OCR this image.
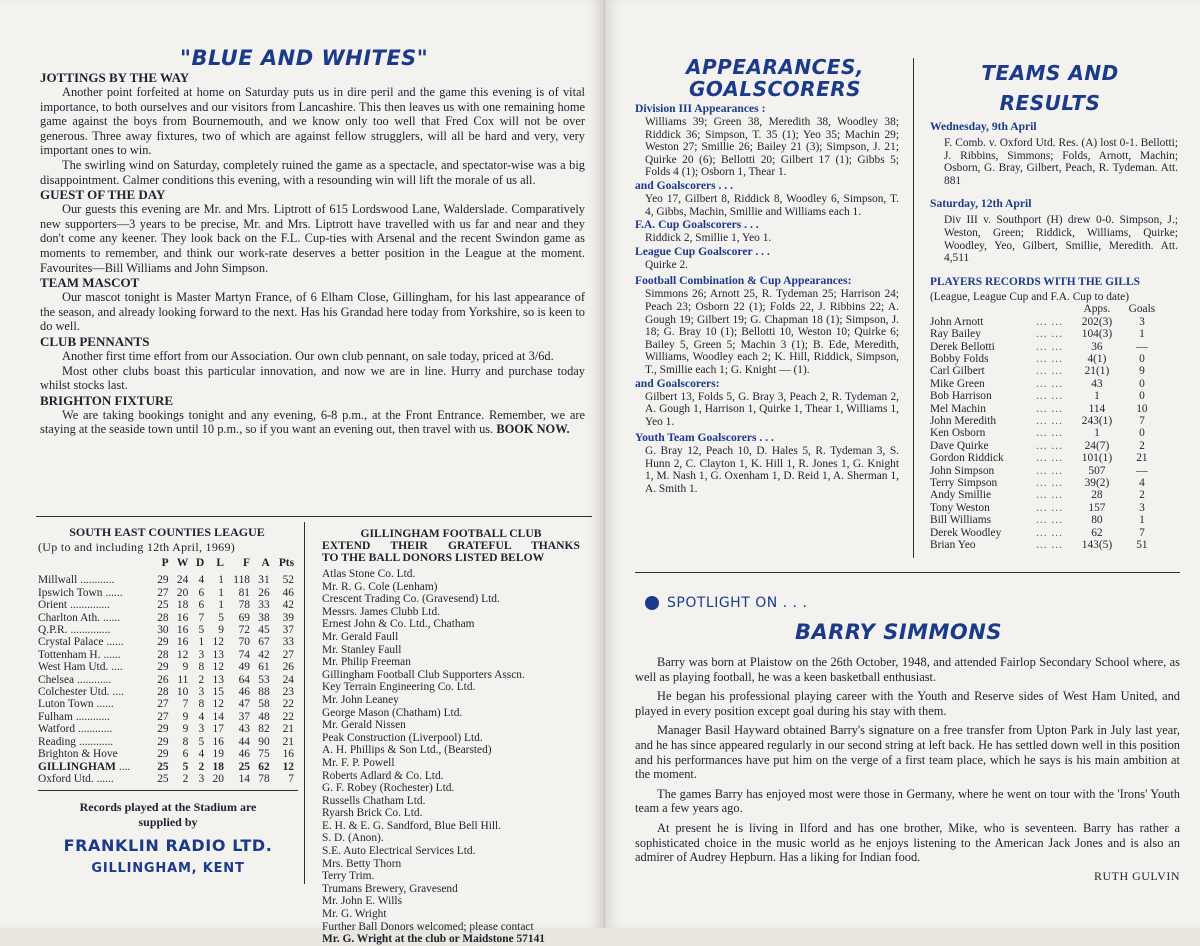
"BLUE AND WHITES"
JOTTINGS BY THE WAY

Another point forfeited at home on Saturday puts us in dire peril and the game this evening is of vital importance, to both ourselves and our visitors from Lancashire. This then leaves us with one remaining home game against the boys from Bournemouth, and we know only too well that Fred Cox will not be over generous. Three away fixtures, two of which are against fellow strugglers, will all be hard and very, very important ones to win.

The swirling wind on Saturday, completely ruined the game as a spectacle, and spectator-wise was a big disappointment. Calmer conditions this evening, with a resounding win will lift the morale of us all.

GUEST OF THE DAY

Our guests this evening are Mr. and Mrs. Liptrott of 615 Lordswood Lane, Walderslade. Comparatively new supporters—3 years to be precise, Mr. and Mrs. Liptrott have travelled with us far and near and they don't come any keener. They look back on the F.L. Cup-ties with Arsenal and the recent Swindon game as moments to remember, and think our work-rate deserves a better position in the League at the moment. Favourites—Bill Williams and John Simpson.

TEAM MASCOT

Our mascot tonight is Master Martyn France, of 6 Elham Close, Gillingham, for his last appearance of the season, and already looking forward to the next. Has his Grandad here today from Yorkshire, so is keen to do well.

CLUB PENNANTS

Another first time effort from our Association. Our own club pennant, on sale today, priced at 3/6d.

Most other clubs boast this particular innovation, and now we are in line. Hurry and purchase today whilst stocks last.

BRIGHTON FIXTURE

We are taking bookings tonight and any evening, 6-8 p.m., at the Front Entrance. Remember, we are staying at the seaside town until 10 p.m., so if you want an evening out, then travel with us. BOOK NOW.

SOUTH EAST COUNTIES LEAGUE
(Up to and including 12th April, 1969)
	P	W	D	L	F	A	Pts

Millwall ............	29	24	4	1	118	31	52
Ipswich Town ......	27	20	6	1	81	26	46
Orient ..............	25	18	6	1	78	33	42
Charlton Ath. ......	28	16	7	5	69	38	39
Q.P.R. ..............	30	16	5	9	72	45	37
Crystal Palace ......	29	16	1	12	70	67	33
Tottenham H. ......	28	12	3	13	74	42	27
West Ham Utd. ....	29	9	8	12	49	61	26
Chelsea ............	26	11	2	13	64	53	24
Colchester Utd. ....	28	10	3	15	46	88	23
Luton Town ......	27	7	8	12	47	58	22
Fulham ............	27	9	4	14	37	48	22
Watford ............	29	9	3	17	43	82	21
Reading ............	29	8	5	16	44	90	21
Brighton & Hove	29	6	4	19	46	75	16
GILLINGHAM ....	25	5	2	18	25	62	12
Oxford Utd. ......	25	2	3	20	14	78	7
Records played at the Stadium are
supplied by
FRANKLIN RADIO LTD.
GILLINGHAM, KENT
GILLINGHAM FOOTBALL CLUB
EXTEND THEIR GRATEFUL THANKS
TO THE BALL DONORS LISTED BELOW
Atlas Stone Co. Ltd.
Mr. R. G. Cole (Lenham)
Crescent Trading Co. (Gravesend) Ltd.
Messrs. James Clubb Ltd.
Ernest John & Co. Ltd., Chatham
Mr. Gerald Faull
Mr. Stanley Faull
Mr. Philip Freeman
Gillingham Football Club Supporters Asscn.
Key Terrain Engineering Co. Ltd.
Mr. John Leaney
George Mason (Chatham) Ltd.
Mr. Gerald Nissen
Peak Construction (Liverpool) Ltd.
A. H. Phillips & Son Ltd., (Bearsted)
Mr. F. P. Powell
Roberts Adlard & Co. Ltd.
G. F. Robey (Rochester) Ltd.
Russells Chatham Ltd.
Ryarsh Brick Co. Ltd.
E. H. & E. G. Sandford, Blue Bell Hill.
S. D. (Anon).
S.E. Auto Electrical Services Ltd.
Mrs. Betty Thorn
Terry Trim.
Trumans Brewery, Gravesend
Mr. John E. Wills
Mr. G. Wright
Further Ball Donors welcomed; please contact
Mr. G. Wright at the club or Maidstone 57141
APPEARANCES,
GOALSCORERS
Division III Appearances :
Williams 39; Green 38, Meredith 38, Woodley 38; Riddick 36; Simpson, T. 35 (1); Yeo 35; Machin 29; Weston 27; Smillie 26; Bailey 21 (3); Simpson, J. 21; Quirke 20 (6); Bellotti 20; Gilbert 17 (1); Gibbs 5; Folds 4 (1); Osborn 1, Thear 1.
and Goalscorers . . .
Yeo 17, Gilbert 8, Riddick 8, Woodley 6, Simpson, T. 4, Gibbs, Machin, Smillie and Williams each 1.
F.A. Cup Goalscorers . . .
Riddick 2, Smillie 1, Yeo 1.
League Cup Goalscorer . . .
Quirke 2.
Football Combination & Cup Appearances:
Simmons 26; Arnott 25, R. Tydeman 25; Harrison 24; Peach 23; Osborn 22 (1); Folds 22, J. Ribbins 22; A. Gough 19; Gilbert 19; G. Chapman 18 (1); Simpson, J. 18; G. Bray 10 (1); Bellotti 10, Weston 10; Quirke 6; Bailey 5, Green 5; Machin 3 (1); B. Ede, Meredith, Williams, Woodley each 2; K. Hill, Riddick, Simpson, T., Smillie each 1; G. Knight — (1).
and Goalscorers:
Gilbert 13, Folds 5, G. Bray 3, Peach 2, R. Tydeman 2, A. Gough 1, Harrison 1, Quirke 1, Thear 1, Williams 1, Yeo 1.
Youth Team Goalscorers . . .
G. Bray 12, Peach 10, D. Hales 5, R. Tydeman 3, S. Hunn 2, C. Clayton 1, K. Hill 1, R. Jones 1, G. Knight 1, M. Nash 1, G. Oxenham 1, D. Reid 1, A. Sherman 1, A. Smith 1.
TEAMS AND
RESULTS
Wednesday, 9th April
F. Comb. v. Oxford Utd. Res. (A) lost 0-1. Bellotti; J. Ribbins, Simmons; Folds, Arnott, Machin; Osborn, G. Bray, Gilbert, Peach, R. Tydeman. Att. 881
Saturday, 12th April
Div III v. Southport (H) drew 0-0. Simpson, J.; Weston, Green; Riddick, Williams, Quirke; Woodley, Yeo, Gilbert, Smillie, Meredith. Att. 4,511
PLAYERS RECORDS WITH THE GILLS
(League, League Cup and F.A. Cup to date)
		Apps.	Goals
John Arnott	... ...	202(3)	3
Ray Bailey	... ...	104(3)	1
Derek Bellotti	... ...	36	—
Bobby Folds	... ...	4(1)	0
Carl Gilbert	... ...	21(1)	9
Mike Green	... ...	43	0
Bob Harrison	... ...	1	0
Mel Machin	... ...	114	10
John Meredith	... ...	243(1)	7
Ken Osborn	... ...	1	0
Dave Quirke	... ...	24(7)	2
Gordon Riddick	... ...	101(1)	21
John Simpson	... ...	507	—
Terry Simpson	... ...	39(2)	4
Andy Smillie	... ...	28	2
Tony Weston	... ...	157	3
Bill Williams	... ...	80	1
Derek Woodley	... ...	62	7
Brian Yeo	... ...	143(5)	51
SPOTLIGHT ON . . .
BARRY SIMMONS

Barry was born at Plaistow on the 26th October, 1948, and attended Fairlop Secondary School where, as well as playing football, he was a keen basketball enthusiast.

He began his professional playing career with the Youth and Reserve sides of West Ham United, and played in every position except goal during his stay with them.

Manager Basil Hayward obtained Barry's signature on a free transfer from Upton Park in July last year, and he has since appeared regularly in our second string at left back. He has settled down well in this position and his performances have put him on the verge of a first team place, which he says is his main ambition at the moment.

The games Barry has enjoyed most were those in Germany, where he went on tour with the 'Irons' Youth team a few years ago.

At present he is living in Ilford and has one brother, Mike, who is seventeen. Barry has rather a sophisticated choice in the music world as he enjoys listening to the American Jack Jones and is also an admirer of Audrey Hepburn. Has a liking for Indian food.

RUTH GULVIN
